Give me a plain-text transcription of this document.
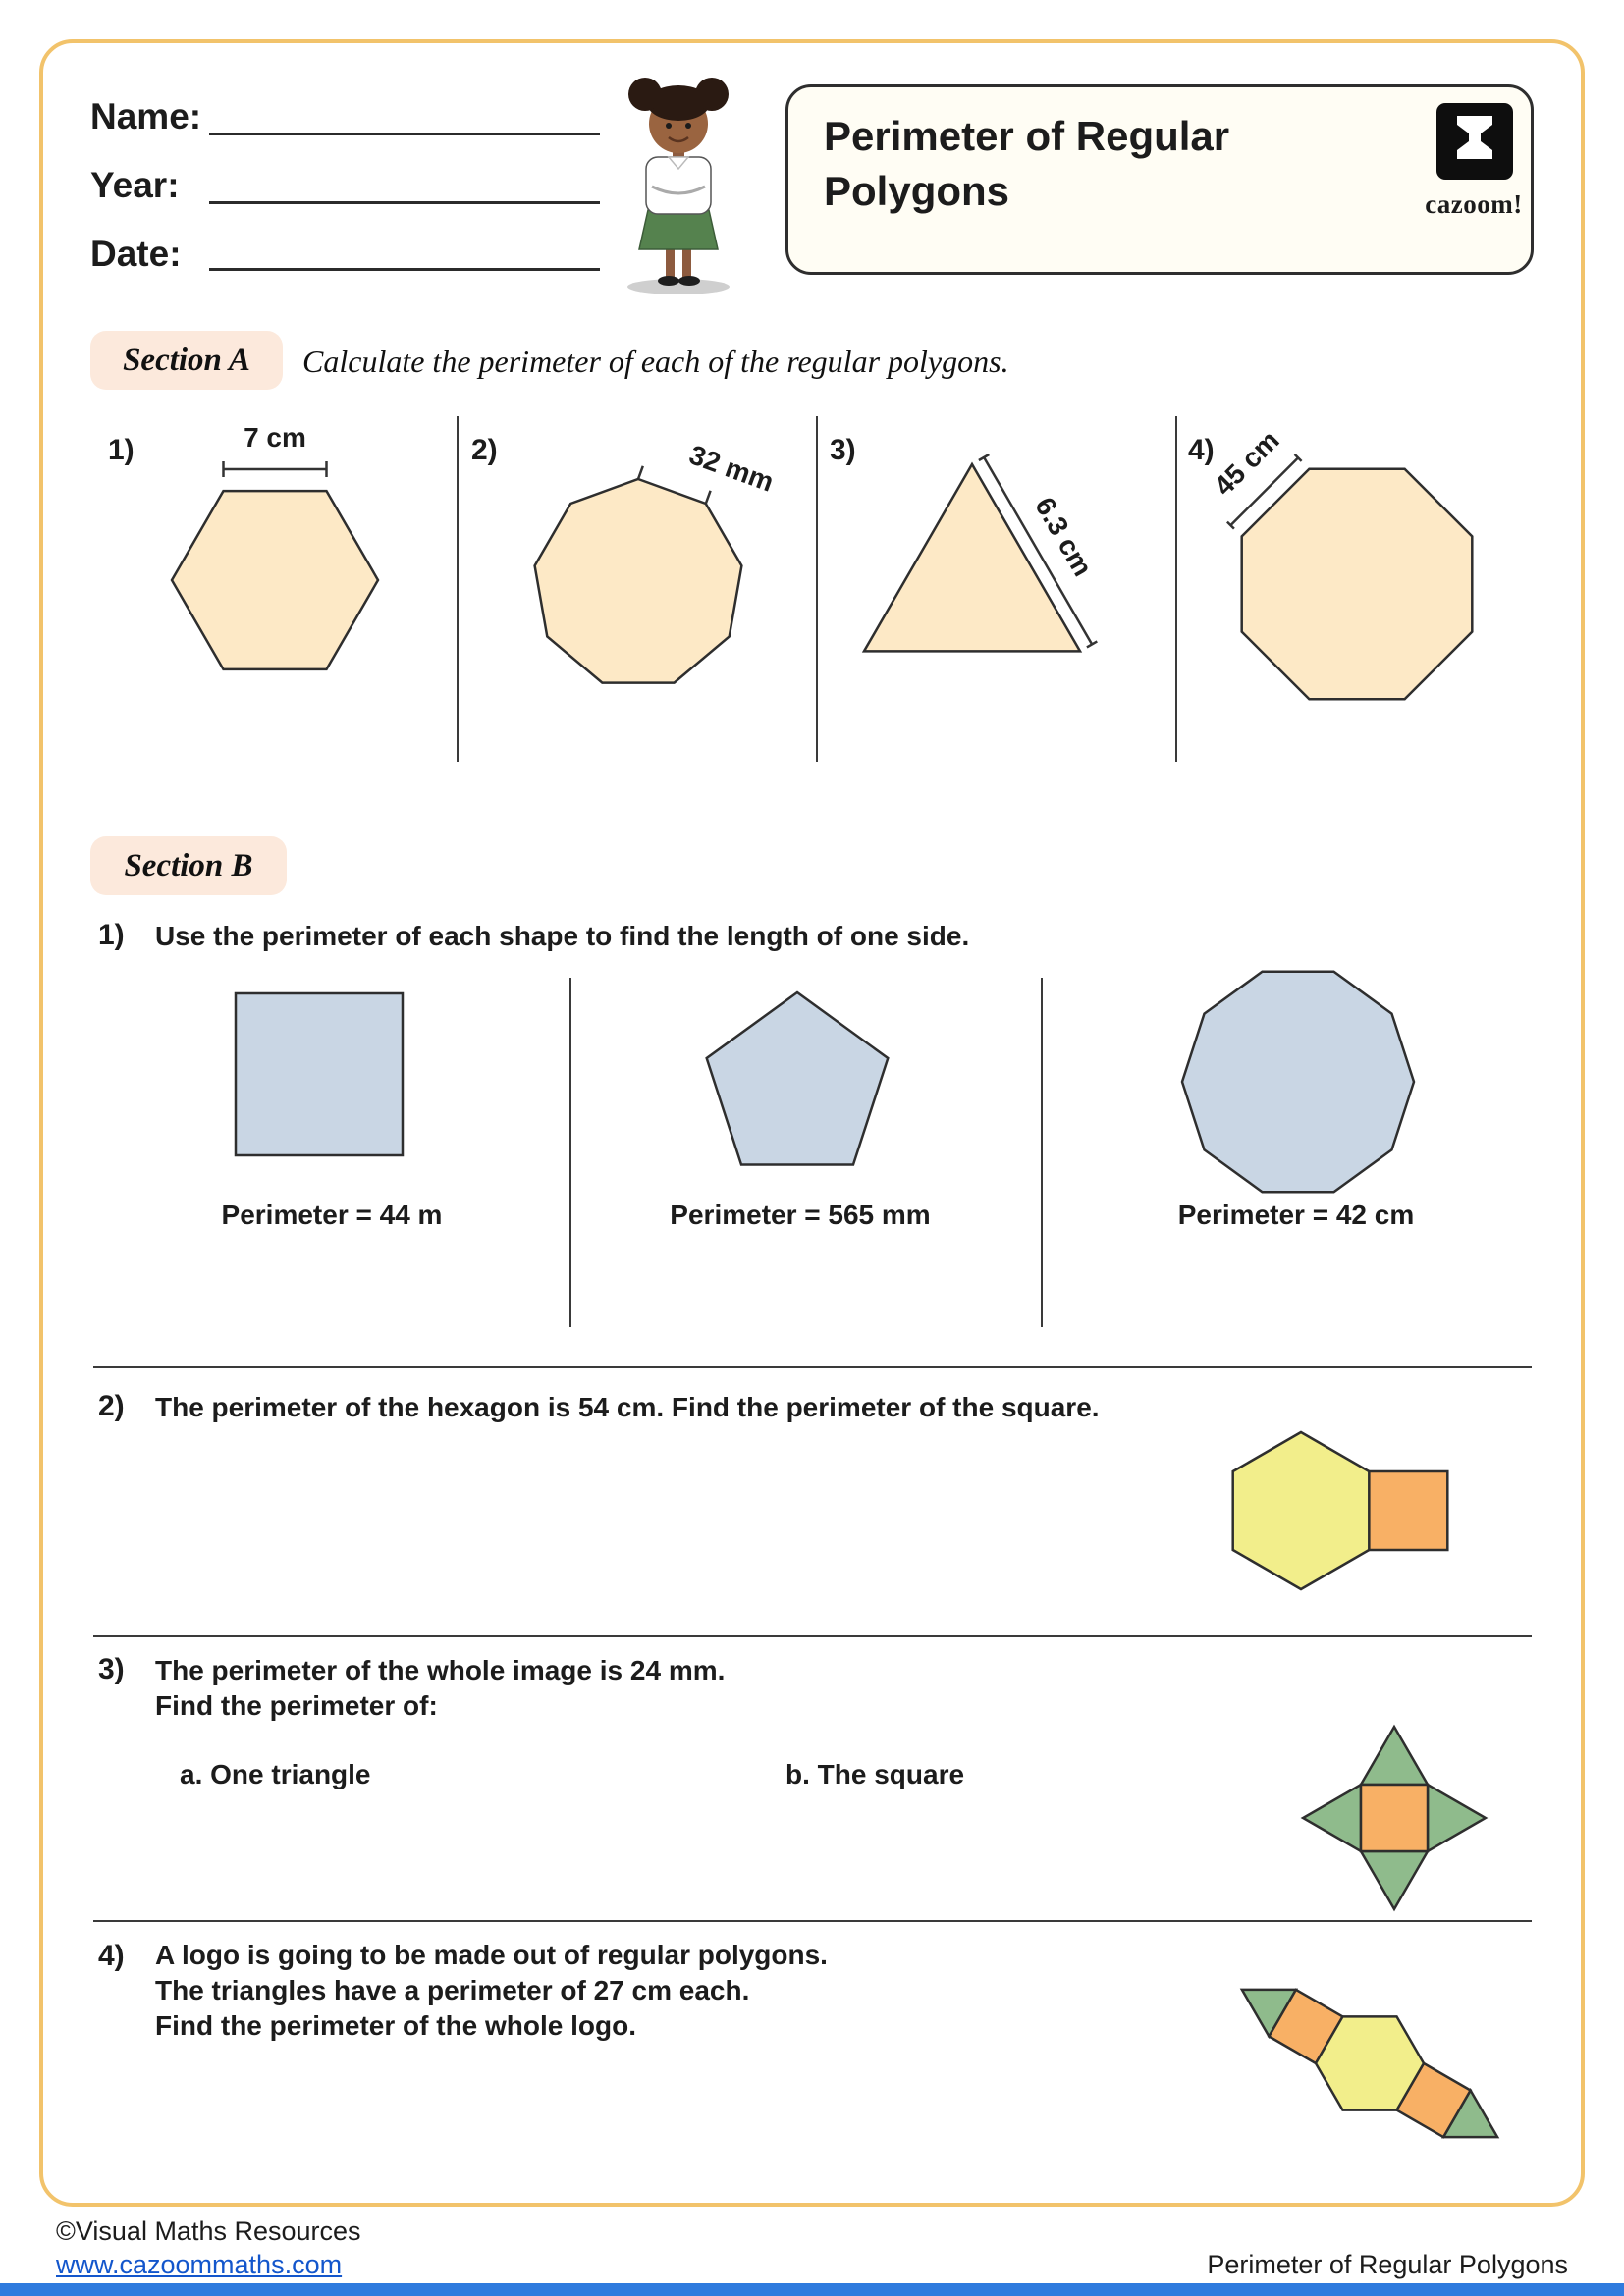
Name:
Year:
Date:
Perimeter of Regular Polygons	cazoom!
Section A	Calculate the perimeter of each of the regular polygons.
1)	7 cm	2)	32 mm	3)
6.3 cm
4)
45 cm
Section B
1) Use the perimeter of each shape to find the length of one side.
Perimeter = 44 m	Perimeter = 565 mm	Perimeter = 42 cm
2) The perimeter of the hexagon is 54 cm. Find the perimeter of the square.
3) The perimeter of the whole image is 24 mm.
Find the perimeter of:
a. One triangle	b. The square
4) A logo is going to be made out of regular polygons.
The triangles have a perimeter of 27 cm each.
Find the perimeter of the whole logo.
©Visual Maths Resources
www.cazoommaths.com	Perimeter of Regular Polygons
